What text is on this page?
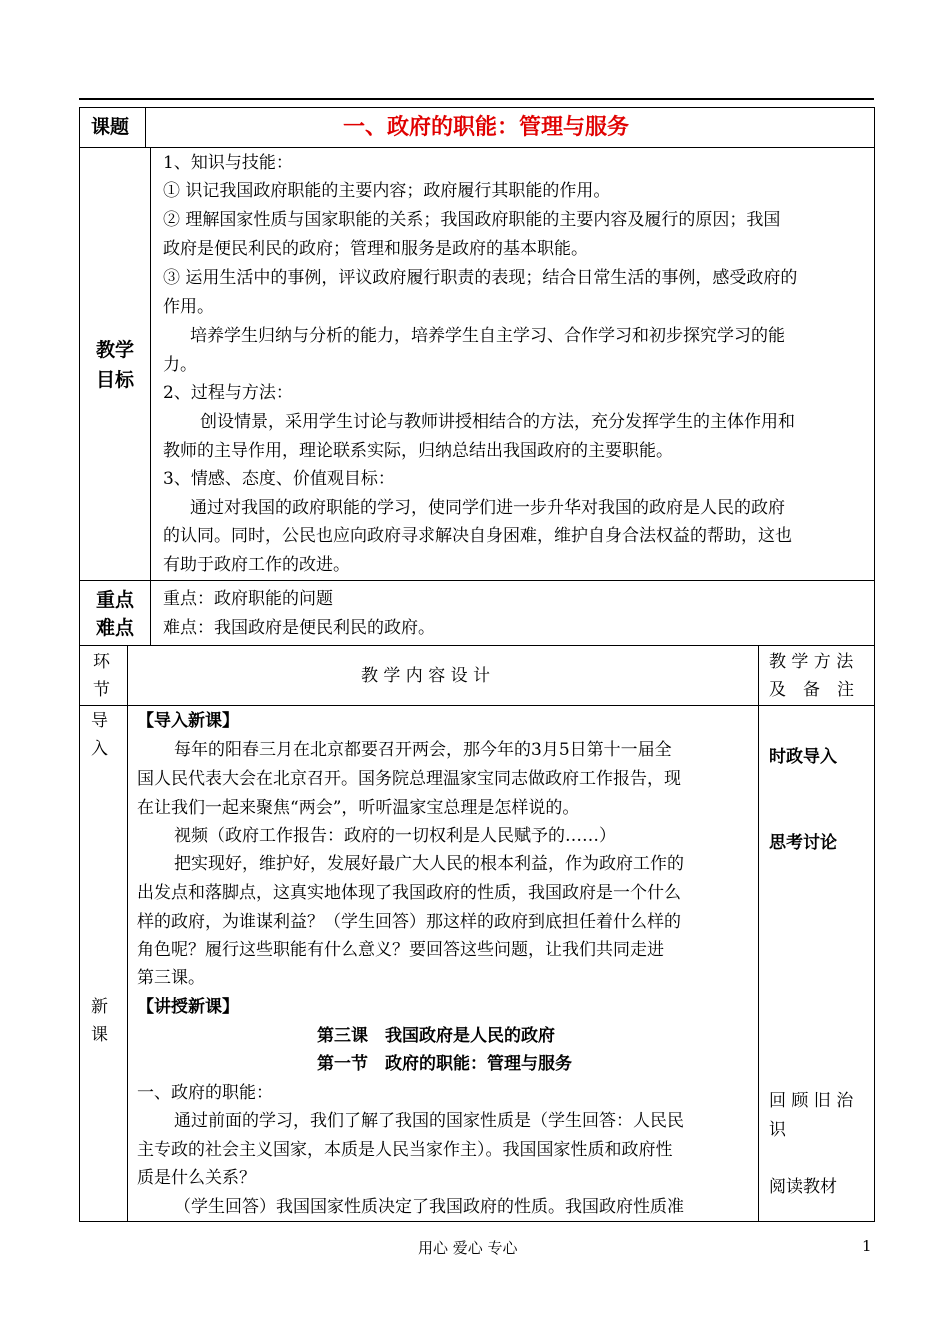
课题	一、政府的职能：管理与服务
教学
目标
1、知识与技能：
① 识记我国政府职能的主要内容；政府履行其职能的作用。
② 理解国家性质与国家职能的关系；我国政府职能的主要内容及履行的原因；我国
政府是便民利民的政府；管理和服务是政府的基本职能。
③ 运用生活中的事例，评议政府履行职责的表现；结合日常生活的事例，感受政府的
作用。
培养学生归纳与分析的能力，培养学生自主学习、合作学习和初步探究学习的能
力。
2、过程与方法：
创设情景，采用学生讨论与教师讲授相结合的方法，充分发挥学生的主体作用和
教师的主导作用，理论联系实际，归纳总结出我国政府的主要职能。
3、情感、态度、价值观目标：
通过对我国的政府职能的学习，使同学们进一步升华对我国的政府是人民的政府
的认同。同时，公民也应向政府寻求解决自身困难，维护自身合法权益的帮助，这也
有助于政府工作的改进。
重点
难点
重点：政府职能的问题
难点：我国政府是便民利民的政府。
环
节
教 学 内 容 设 计
教 学 方 法
及　备　注
导
入
新
课
【导入新课】
每年的阳春三月在北京都要召开两会，那今年的3月5日第十一届全
国人民代表大会在北京召开。国务院总理温家宝同志做政府工作报告，现
在让我们一起来聚焦“两会”，听听温家宝总理是怎样说的。
视频（政府工作报告：政府的一切权利是人民赋予的……）
把实现好，维护好，发展好最广大人民的根本利益，作为政府工作的
出发点和落脚点，这真实地体现了我国政府的性质，我国政府是一个什么
样的政府，为谁谋利益？（学生回答）那这样的政府到底担任着什么样的
角色呢？履行这些职能有什么意义？要回答这些问题，让我们共同走进
第三课。
【讲授新课】
第三课　我国政府是人民的政府
第一节　政府的职能：管理与服务
一、政府的职能：
通过前面的学习，我们了解了我国的国家性质是（学生回答：人民民
主专政的社会主义国家，本质是人民当家作主）。我国国家性质和政府性
质是什么关系？
（学生回答）我国国家性质决定了我国政府的性质。我国政府性质准
时政导入
思考讨论
回 顾 旧 治
识
阅读教材
用心 爱心 专心	1
